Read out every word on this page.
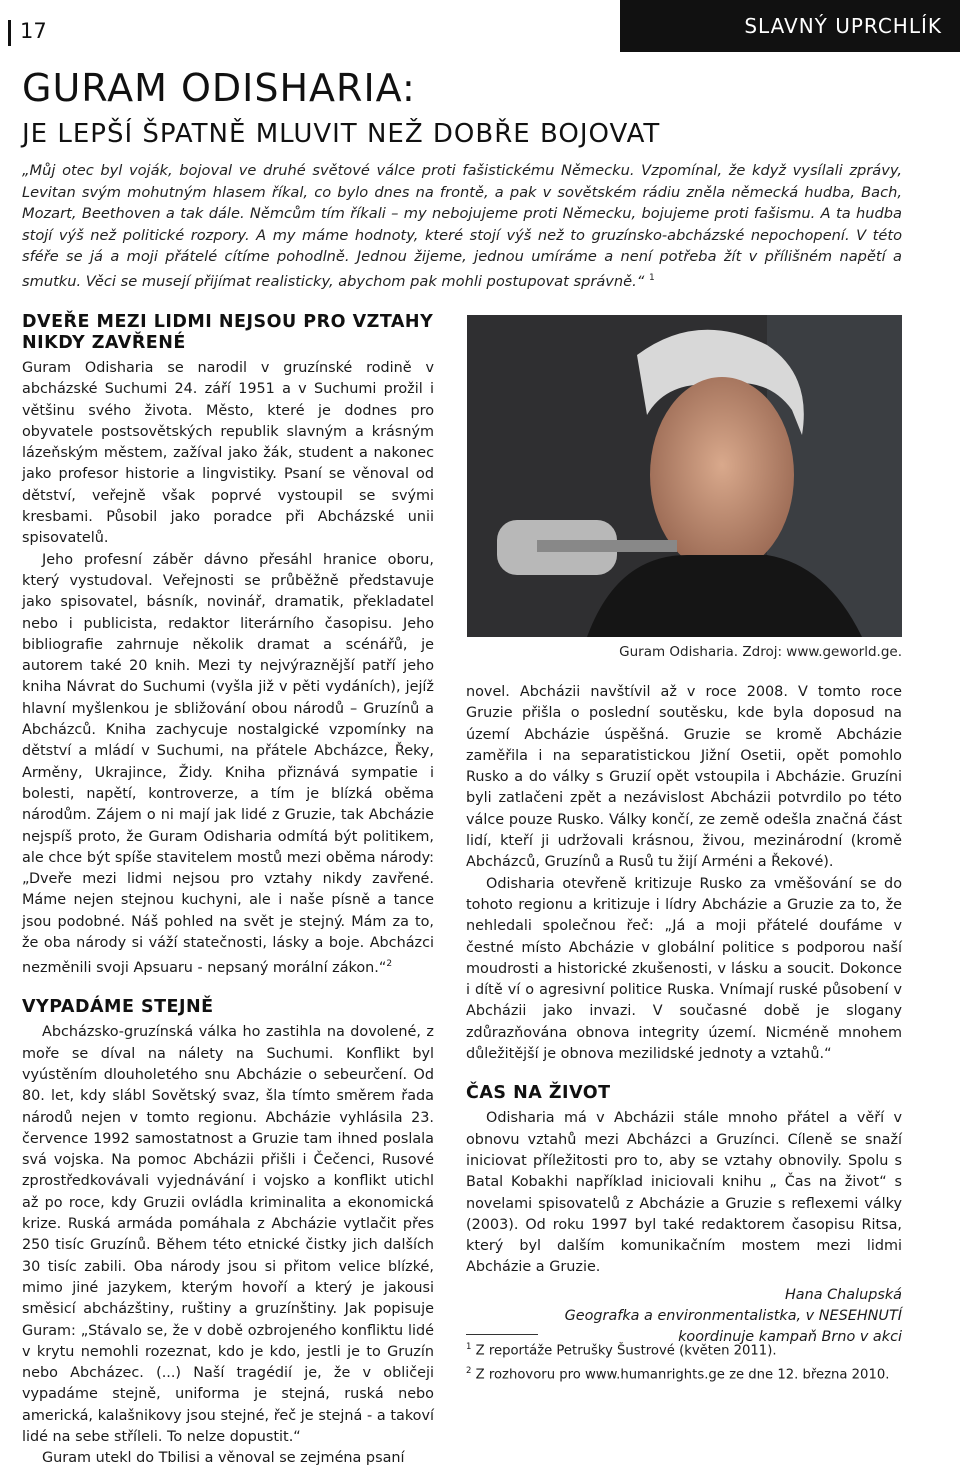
17	SLAVNÝ UPRCHLÍK
GURAM ODISHARIA:
JE LEPŠÍ ŠPATNĚ MLUVIT NEŽ DOBŘE BOJOVAT

„Můj otec byl voják, bojoval ve druhé světové válce proti fašistickému Německu. Vzpomínal, že když vysílali zprávy, Levitan svým mohutným hlasem říkal, co bylo dnes na frontě, a pak v sovětském rádiu zněla německá hudba, Bach, Mozart, Beethoven a tak dále. Němcům tím říkali – my nebojujeme proti Německu, bojujeme proti fašismu. A ta hudba stojí výš než politické rozpory. A my máme hodnoty, které stojí výš než to gruzínsko-abcházské nepochopení. V této sféře se já a moji přátelé cítíme pohodlně. Jednou žijeme, jednou umíráme a není potřeba žít v přílišném napětí a smutku. Věci se musejí přijímat realisticky, abychom pak mohli postupovat správně.“ $^1$

DVEŘE MEZI LIDMI NEJSOU PRO VZTAHY NIKDY ZAVŘENÉ

Guram Odisharia se narodil v gruzínské rodině v abcházské Suchumi 24. září 1951 a v Suchumi prožil i většinu svého života. Město, které je dodnes pro obyvatele postsovětských republik slavným a krásným lázeňským městem, zažíval jako žák, student a nakonec jako profesor historie a lingvistiky. Psaní se věnoval od dětství, veřejně však poprvé vystoupil se svými kresbami. Působil jako poradce při Abcházské unii spisovatelů.

Jeho profesní záběr dávno přesáhl hranice oboru, který vystudoval. Veřejnosti se průběžně představuje jako spisovatel, básník, novinář, dramatik, překladatel nebo i publicista, redaktor literárního časopisu. Jeho bibliografie zahrnuje několik dramat a scénářů, je autorem také 20 knih. Mezi ty nejvýraznější patří jeho kniha Návrat do Suchumi (vyšla již v pěti vydáních), jejíž hlavní myšlenkou je sbližování obou národů – Gruzínů a Abcházců. Kniha zachycuje nostalgické vzpomínky na dětství a mládí v Suchumi, na přátele Abcházce, Řeky, Arměny, Ukrajince, Židy. Kniha přiznává sympatie i bolesti, napětí, kontroverze, a tím je blízká oběma národům. Zájem o ni mají jak lidé z Gruzie, tak Abcházie nejspíš proto, že Guram Odisharia odmítá být politikem, ale chce být spíše stavitelem mostů mezi oběma národy: „Dveře mezi lidmi nejsou pro vztahy nikdy zavřené. Máme nejen stejnou kuchyni, ale i naše písně a tance jsou podobné. Náš pohled na svět je stejný. Mám za to, že oba národy si váží statečnosti, lásky a boje. Abcházci nezměnili svoji Apsuaru - nepsaný morální zákon.“$^2$

VYPADÁME STEJNĚ

Abcházsko-gruzínská válka ho zastihla na dovolené, z moře se díval na nálety na Suchumi. Konflikt byl vyústěním dlouholetého snu Abcházie o sebeurčení. Od 80. let, kdy slábl Sovětský svaz, šla tímto směrem řada národů nejen v tomto regionu. Abcházie vyhlásila 23. července 1992 samostatnost a Gruzie tam ihned poslala svá vojska. Na pomoc Abcházii přišli i Čečenci, Rusové zprostředkovávali vyjednávání i vojsko a konflikt utichl až po roce, kdy Gruzii ovládla kriminalita a ekonomická krize. Ruská armáda pomáhala z Abcházie vytlačit přes 250 tisíc Gruzínů. Během této etnické čistky jich dalších 30 tisíc zabili. Oba národy jsou si přitom velice blízké, mimo jiné jazykem, kterým hovoří a který je jakousi směsicí abcházštiny, ruštiny a gruzínštiny. Jak popisuje Guram: „Stávalo se, že v době ozbrojeného konfliktu lidé v krytu nemohli rozeznat, kdo je kdo, jestli je to Gruzín nebo Abcházec. (...) Naší tragédií je, že v obličeji vypadáme stejně, uniforma je stejná, ruská nebo americká, kalašnikovy jsou stejné, řeč je stejná - a takoví lidé na sebe stříleli. To nelze dopustit.“

Guram utekl do Tbilisi a věnoval se zejména psaní

Guram Odisharia. Zdroj: www.geworld.ge.

novel. Abcházii navštívil až v roce 2008. V tomto roce Gruzie přišla o poslední soutěsku, kde byla doposud na území Abcházie úspěšná. Gruzie se kromě Abcházie zaměřila i na separatistickou Jižní Osetii, opět pomohlo Rusko a do války s Gruzií opět vstoupila i Abcházie. Gruzíni byli zatlačeni zpět a nezávislost Abcházii potvrdilo po této válce pouze Rusko. Války končí, ze země odešla značná část lidí, kteří ji udržovali krásnou, živou, mezinárodní (kromě Abcházců, Gruzínů a Rusů tu žijí Arméni a Řekové).

Odisharia otevřeně kritizuje Rusko za vměšování se do tohoto regionu a kritizuje i lídry Abcházie a Gruzie za to, že nehledali společnou řeč: „Já a moji přátelé doufáme v čestné místo Abcházie v globální politice s podporou naší moudrosti a historické zkušenosti, v lásku a soucit. Dokonce i dítě ví o agresivní politice Ruska. Vnímají ruské působení v Abcházii jako invazi. V současné době je slogany zdůrazňována obnova integrity území. Nicméně mnohem důležitější je obnova mezilidské jednoty a vztahů.“

ČAS NA ŽIVOT

Odisharia má v Abcházii stále mnoho přátel a věří v obnovu vztahů mezi Abcházci a Gruzínci. Cíleně se snaží iniciovat příležitosti pro to, aby se vztahy obnovily. Spolu s Batal Kobakhi například iniciovali knihu „ Čas na život“ s novelami spisovatelů z Abcházie a Gruzie s reflexemi války (2003). Od roku 1997 byl také redaktorem časopisu Ritsa, který byl dalším komunikačním mostem mezi lidmi Abcházie a Gruzie.

Hana Chalupská
Geografka a environmentalistka, v NESEHNUTÍ
koordinuje kampaň Brno v akci

$^1$ Z reportáže Petrušky Šustrové (květen 2011).

$^2$ Z rozhovoru pro www.humanrights.ge ze dne 12. března 2010.
